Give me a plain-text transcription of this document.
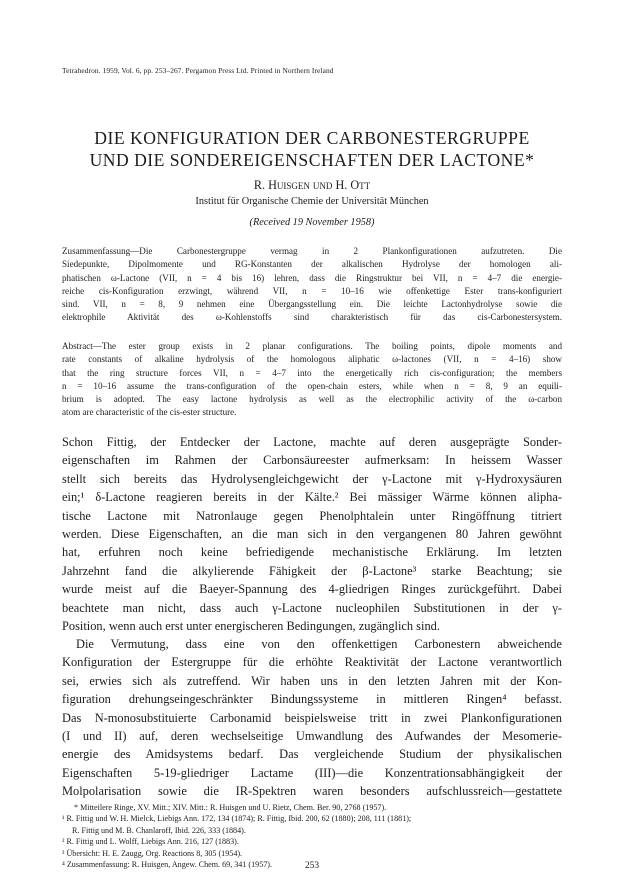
Tetrahedron. 1959, Vol. 6, pp. 253–267. Pergamon Press Ltd. Printed in Northern Ireland
DIE KONFIGURATION DER CARBONESTERGRUPPE
UND DIE SONDEREIGENSCHAFTEN DER LACTONE*
R. Huisgen und H. Ott
Institut für Organische Chemie der Universität München
(Received 19 November 1958)
Zusammenfassung—Die Carbonestergruppe vermag in 2 Plankonfigurationen aufzutreten. Die
Siedepunkte, Dipolmomente und RG-Konstanten der alkalischen Hydrolyse der homologen ali-
phatischen ω-Lactone (VII, n = 4 bis 16) lehren, dass die Ringstruktur bei VII, n = 4–7 die energie-
reiche cis-Konfiguration erzwingt, während VII, n = 10–16 wie offenkettige Ester trans-konfiguriert
sind. VII, n = 8, 9 nehmen eine Übergangsstellung ein. Die leichte Lactonhydrolyse sowie die
elektrophile Aktivität des ω-Kohlenstoffs sind charakteristisch für das cis-Carbonestersystem.
Abstract—The ester group exists in 2 planar configurations. The boiling points, dipole moments and
rate constants of alkaline hydrolysis of the homologous aliphatic ω-lactones (VII, n = 4–16) show
that the ring structure forces VII, n = 4–7 into the energetically rich cis-configuration; the members
n = 10–16 assume the trans-configuration of the open-chain esters, while when n = 8, 9 an equili-
brium is adopted. The easy lactone hydrolysis as well as the electrophilic activity of the ω-carbon
atom are characteristic of the cis-ester structure.
Schon Fittig, der Entdecker der Lactone, machte auf deren ausgeprägte Sonder-
eigenschaften im Rahmen der Carbonsäureester aufmerksam: In heissem Wasser
stellt sich bereits das Hydrolysengleichgewicht der γ-Lactone mit γ-Hydroxysäuren
ein;¹ δ-Lactone reagieren bereits in der Kälte.² Bei mässiger Wärme können alipha-
tische Lactone mit Natronlauge gegen Phenolphtalein unter Ringöffnung titriert
werden. Diese Eigenschaften, an die man sich in den vergangenen 80 Jahren gewöhnt
hat, erfuhren noch keine befriedigende mechanistische Erklärung. Im letzten
Jahrzehnt fand die alkylierende Fähigkeit der β-Lactone³ starke Beachtung; sie
wurde meist auf die Baeyer-Spannung des 4-gliedrigen Ringes zurückgeführt. Dabei
beachtete man nicht, dass auch γ-Lactone nucleophilen Substitutionen in der γ-
Position, wenn auch erst unter energischeren Bedingungen, zugänglich sind.
Die Vermutung, dass eine von den offenkettigen Carbonestern abweichende
Konfiguration der Estergruppe für die erhöhte Reaktivität der Lactone verantwortlich
sei, erwies sich als zutreffend. Wir haben uns in den letzten Jahren mit der Kon-
figuration drehungseingeschränkter Bindungssysteme in mittleren Ringen⁴ befasst.
Das N-monosubstituierte Carbonamid beispielsweise tritt in zwei Plankonfigurationen
(I und II) auf, deren wechselseitige Umwandlung des Aufwandes der Mesomerie-
energie des Amidsystems bedarf. Das vergleichende Studium der physikalischen
Eigenschaften 5-19-gliedriger Lactame (III)—die Konzentrationsabhängigkeit der
Molpolarisation sowie die IR-Spektren waren besonders aufschlussreich—gestattete
* Mitteilere Ringe, XV. Mitt.; XIV. Mitt.: R. Huisgen und U. Rietz, Chem. Ber. 90, 2768 (1957).
¹ R. Fittig und W. H. Mielck, Liebigs Ann. 172, 134 (1874); R. Fittig, Ibid. 200, 62 (1880); 208, 111 (1881);
R. Fittig und M. B. Chanlaroff, Ibid. 226, 333 (1884).
² R. Fittig und L. Wolff, Liebigs Ann. 216, 127 (1883).
³ Übersicht: H. E. Zaugg, Org. Reactions 8, 305 (1954).
⁴ Zusammenfassung: R. Huisgen, Angew. Chem. 69, 341 (1957).	253
